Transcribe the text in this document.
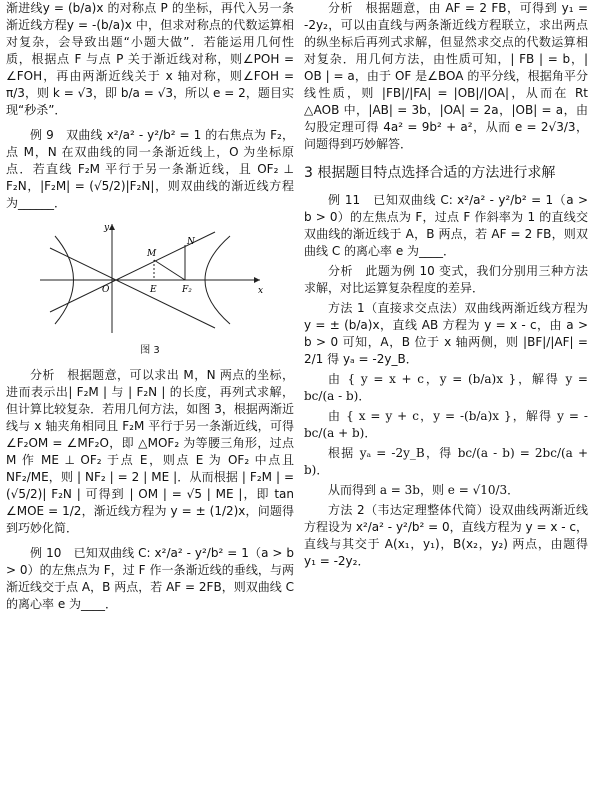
渐进线y = (b/a)x 的对称点 P 的坐标，再代入另一条渐近线方程y = -(b/a)x 中，但求对称点的代数运算相对复杂，会导致出题“小题大做”．若能运用几何性质，根据点 F 与点 P 关于渐近线对称，则∠POH = ∠FOH，再由两渐近线关于 x 轴对称，则∠FOH = π/3，则 k = √3，即 b/a = √3，所以 e = 2，题目实现“秒杀”．

例 9　双曲线 x²/a² - y²/b² = 1 的右焦点为 F₂，点 M，N 在双曲线的同一条渐近线上，O 为坐标原点．若直线 F₂M 平行于另一条渐近线，且 OF₂ ⊥ F₂N，|F₂M| = (√5/2)|F₂N|，则双曲线的渐近线方程为______．

x
y
O
M
N
E	F₂
图 3

分析　根据题意，可以求出 M，N 两点的坐标，进而表示出| F₂M | 与 | F₂N | 的长度，再列式求解，但计算比较复杂．若用几何方法，如图 3，根据两渐近线与 x 轴夹角相同且 F₂M 平行于另一条渐近线，可得∠F₂OM = ∠MF₂O，即 △MOF₂ 为等腰三角形，过点 M 作 ME ⊥ OF₂ 于点 E，则点 E 为 OF₂ 中点且 NF₂/ME，则 | NF₂ | = 2 | ME |．从而根据 | F₂M | = (√5/2)| F₂N | 可得到 | OM | = √5 | ME |，即 tan ∠MOE = 1/2，渐近线方程为 y = ± (1/2)x，问题得到巧妙化简．

例 10　已知双曲线 C: x²/a² - y²/b² = 1（a > b > 0）的左焦点为 F，过 F 作一条渐近线的垂线，与两渐近线交于点 A，B 两点，若 AF = 2FB，则双曲线 C 的离心率 e 为____．

分析　根据题意，由 AF = 2 FB，可得到 y₁ = -2y₂，可以由直线与两条渐近线方程联立，求出两点的纵坐标后再列式求解，但显然求交点的代数运算相对复杂．用几何方法，由性质可知，| FB | = b，| OB | = a，由于 OF 是∠BOA 的平分线，根据角平分线性质，则 |FB|/|FA| = |OB|/|OA|，从而在 Rt △AOB 中，|AB| = 3b，|OA| = 2a，|OB| = a，由勾股定理可得 4a² = 9b² + a²，从而 e = 2√3/3，问题得到巧妙解答．

3 根据题目特点选择合适的方法进行求解

例 11　已知双曲线 C: x²/a² - y²/b² = 1（a > b > 0）的左焦点为 F，过点 F 作斜率为 1 的直线交双曲线的渐近线于 A，B 两点，若 AF = 2 FB，则双曲线 C 的离心率 e 为____．

分析　此题为例 10 变式，我们分别用三种方法求解，对比运算复杂程度的差异．

方法 1（直接求交点法）双曲线两渐近线方程为 y = ± (b/a)x，直线 AB 方程为 y = x - c，由 a > b > 0 可知，A，B 位于 x 轴两侧，则 |BF|/|AF| = 2/1 得 yₐ = -2y_B．

由 { y = x + c，y = (b/a)x }，解得 y = bc/(a - b)．

由 { x = y + c，y = -(b/a)x }，解得 y = -bc/(a + b)．

根据 yₐ = -2y_B，得 bc/(a - b) = 2bc/(a + b)．

从而得到 a = 3b，则 e = √10/3．

方法 2（韦达定理整体代简）设双曲线两渐近线方程设为 x²/a² - y²/b² = 0，直线方程为 y = x - c，直线与其交于 A(x₁，y₁)，B(x₂，y₂) 两点，由题得 y₁ = -2y₂．
